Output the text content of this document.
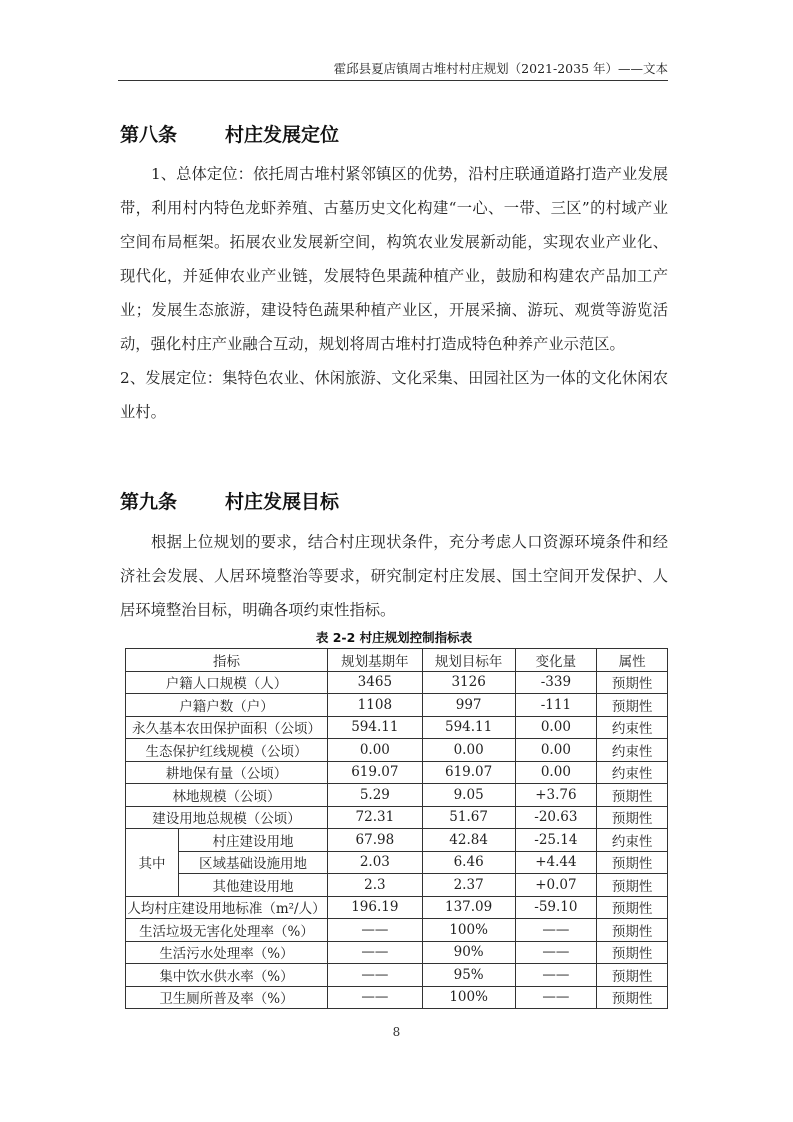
霍邱县夏店镇周古堆村村庄规划（2021-2035 年）——文本
第八条	村庄发展定位
1、总体定位：依托周古堆村紧邻镇区的优势，沿村庄联通道路打造产业发展带，利用村内特色龙虾养殖、古墓历史文化构建“一心、一带、三区”的村域产业空间布局框架。拓展农业发展新空间，构筑农业发展新动能，实现农业产业化、现代化，并延伸农业产业链，发展特色果蔬种植产业，鼓励和构建农产品加工产业；发展生态旅游，建设特色蔬果种植产业区，开展采摘、游玩、观赏等游览活动，强化村庄产业融合互动，规划将周古堆村打造成特色种养产业示范区。
2、发展定位：集特色农业、休闲旅游、文化采集、田园社区为一体的文化休闲农业村。
第九条	村庄发展目标
根据上位规划的要求，结合村庄现状条件，充分考虑人口资源环境条件和经济社会发展、人居环境整治等要求，研究制定村庄发展、国土空间开发保护、人居环境整治目标，明确各项约束性指标。
表 2-2 村庄规划控制指标表
指标		规划基期年	规划目标年	变化量	属性
户籍人口规模（人）		3465	3126	-339	预期性
户籍户数（户）		1108	997	-111	预期性
永久基本农田保护面积（公顷）		594.11	594.11	0.00	约束性
生态保护红线规模（公顷）		0.00	0.00	0.00	约束性
耕地保有量（公顷）		619.07	619.07	0.00	约束性
林地规模（公顷）		5.29	9.05	+3.76	预期性
建设用地总规模（公顷）		72.31	51.67	-20.63	预期性
其中	村庄建设用地	67.98	42.84	-25.14	约束性
	区域基础设施用地	2.03	6.46	+4.44	预期性
	其他建设用地	2.3	2.37	+0.07	预期性
人均村庄建设用地标准（m²/人）		196.19	137.09	-59.10	预期性
生活垃圾无害化处理率（%）		——	100%	——	预期性
生活污水处理率（%）		——	90%	——	预期性
集中饮水供水率（%）		——	95%	——	预期性
卫生厕所普及率（%）		——	100%	——	预期性
8
